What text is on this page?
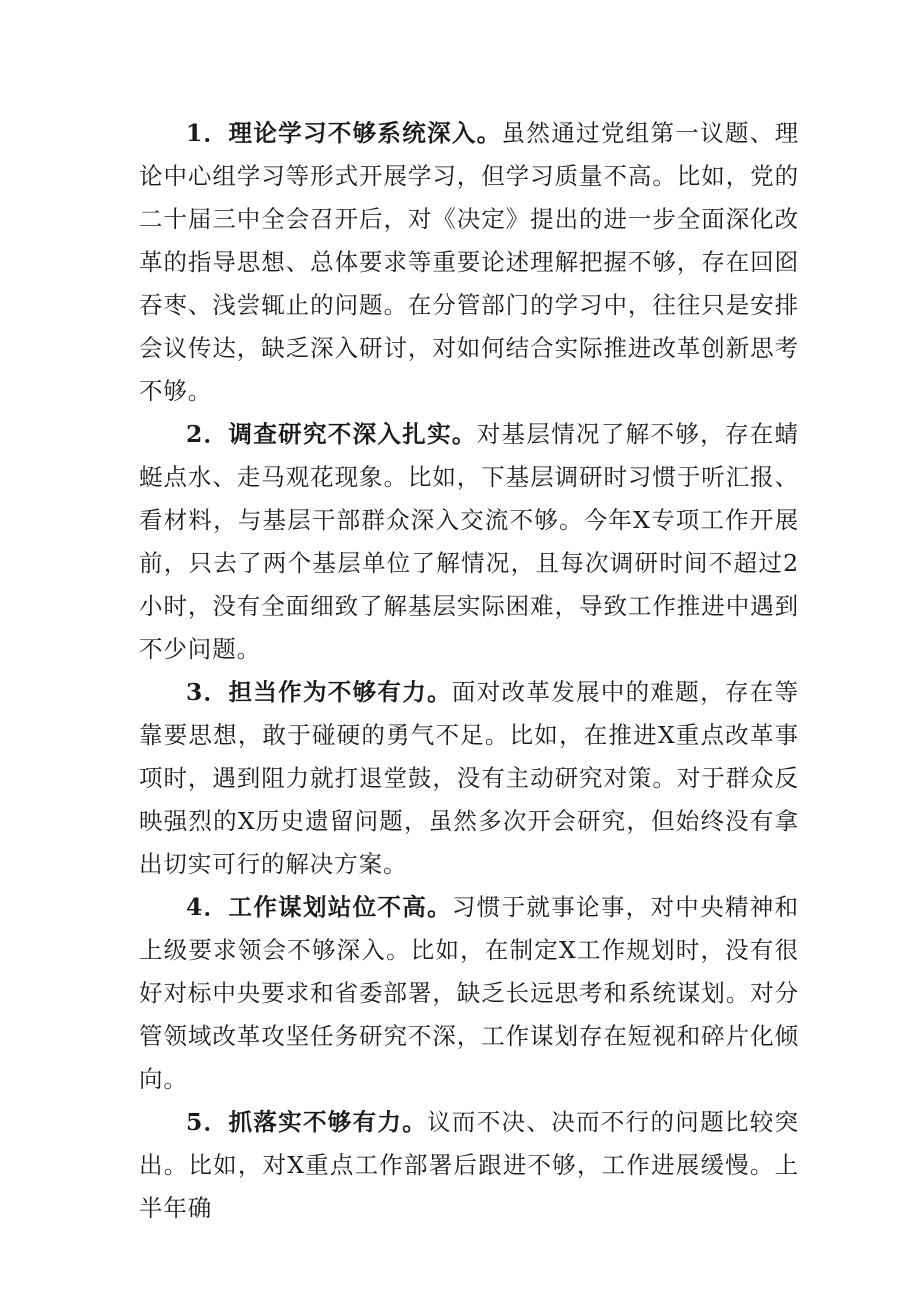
1．理论学习不够系统深入。虽然通过党组第一议题、理论中心组学习等形式开展学习，但学习质量不高。比如，党的二十届三中全会召开后，对《决定》提出的进一步全面深化改革的指导思想、总体要求等重要论述理解把握不够，存在回囵吞枣、浅尝辄止的问题。在分管部门的学习中，往往只是安排会议传达，缺乏深入研讨，对如何结合实际推进改革创新思考不够。

2．调查研究不深入扎实。对基层情况了解不够，存在蜻蜓点水、走马观花现象。比如，下基层调研时习惯于听汇报、看材料，与基层干部群众深入交流不够。今年X专项工作开展前，只去了两个基层单位了解情况，且每次调研时间不超过2小时，没有全面细致了解基层实际困难，导致工作推进中遇到不少问题。

3．担当作为不够有力。面对改革发展中的难题，存在等靠要思想，敢于碰硬的勇气不足。比如，在推进X重点改革事项时，遇到阻力就打退堂鼓，没有主动研究对策。对于群众反映强烈的X历史遗留问题，虽然多次开会研究，但始终没有拿出切实可行的解决方案。

4．工作谋划站位不高。习惯于就事论事，对中央精神和上级要求领会不够深入。比如，在制定X工作规划时，没有很好对标中央要求和省委部署，缺乏长远思考和系统谋划。对分管领域改革攻坚任务研究不深，工作谋划存在短视和碎片化倾向。

5．抓落实不够有力。议而不决、决而不行的问题比较突出。比如，对X重点工作部署后跟进不够，工作进展缓慢。上半年确
